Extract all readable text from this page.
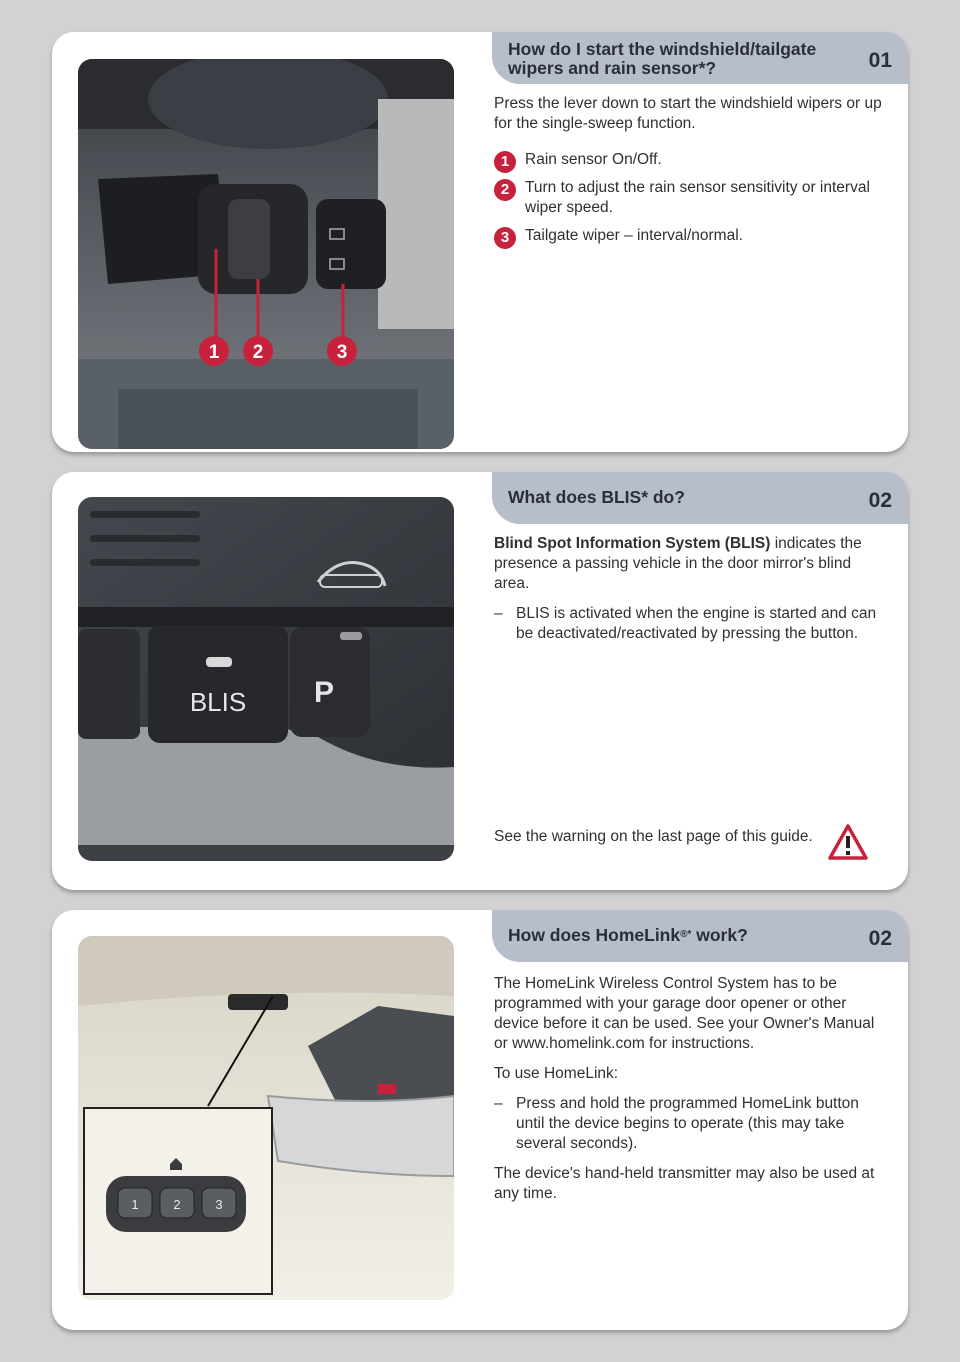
1 2	3
How do I start the windshield/tailgate wipers and rain sensor*?	01

Press the lever down to start the windshield wipers or up for the single-sweep function.

1	Rain sensor On/Off.
2	Turn to adjust the rain sensor sensitivity or interval wiper speed.
3	Tailgate wiper – interval/normal.
BLIS P
What does BLIS* do?	02

Blind Spot Information System (BLIS) indicates the presence a passing vehicle in the door mirror's blind area.

– BLIS is activated when the engine is started and can be deactivated/reactivated by pressing the button.
See the warning on the last page of this guide.
1	2	3
How does HomeLink®* work?	02

The HomeLink Wireless Control System has to be programmed with your garage door opener or other device before it can be used. See your Owner's Manual or www.homelink.com for instructions.

To use HomeLink:

– Press and hold the programmed HomeLink button until the device begins to operate (this may take several seconds).

The device's hand-held transmitter may also be used at any time.
